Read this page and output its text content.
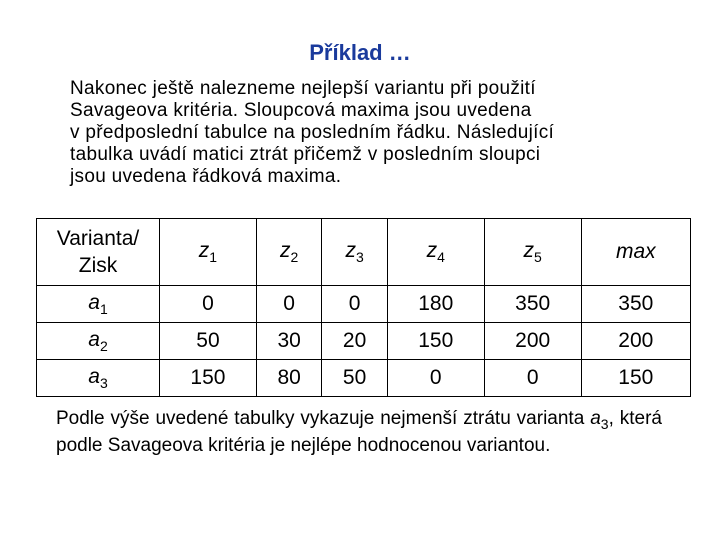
Příklad …
Nakonec ještě nalezneme nejlepší variantu při použití
Savageova kritéria. Sloupcová maxima jsou uvedena
v předposlední tabulce na posledním řádku. Následující
tabulka uvádí matici ztrát přičemž v posledním sloupci
jsou uvedena řádková maxima.
Varianta/
Zisk	$z_1$	$z_2$	$z_3$	$z_4$	$z_5$	max
$a_1$	0	0	0	180	350	350
$a_2$	50	30	20	150	200	200
$a_3$	150	80	50	0	0	150
Podle výše uvedené tabulky vykazuje nejmenší ztrátu varianta $a_3$, která podle Savageova kritéria je nejlépe hodnocenou variantou.
